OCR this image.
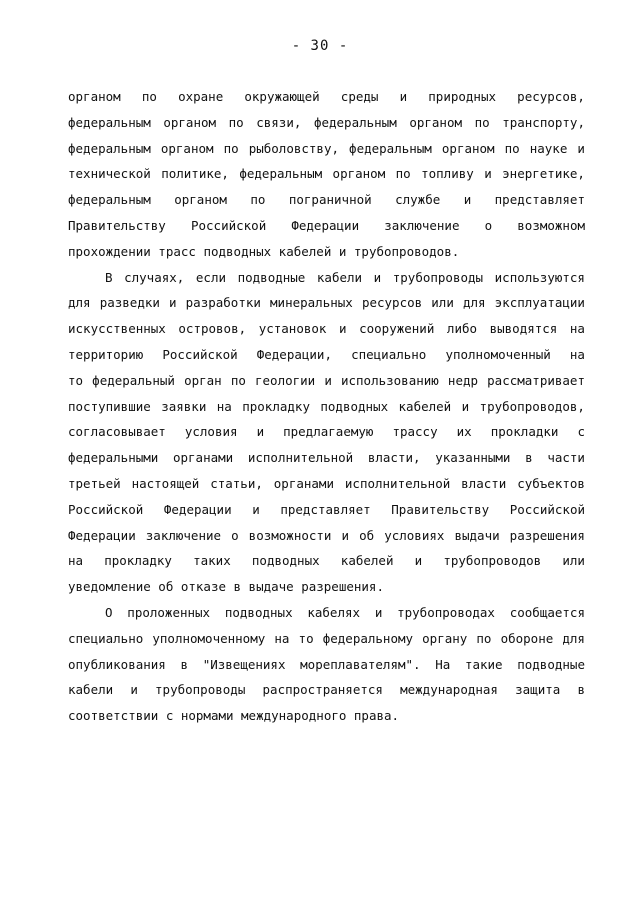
- 30 -
органом по охране окружающей среды и природных ресурсов,
федеральным органом по связи, федеральным органом по транспорту,
федеральным органом по рыболовству, федеральным органом по науке и
технической политике, федеральным органом по топливу и энергетике,
федеральным органом по пограничной службе и представляет
Правительству Российской Федерации заключение о возможном
прохождении трасс подводных кабелей и трубопроводов.
В случаях, если подводные кабели и трубопроводы используются
для разведки и разработки минеральных ресурсов или для эксплуатации
искусственных островов, установок и сооружений либо выводятся на
территорию Российской Федерации, специально уполномоченный на
то федеральный орган по геологии и использованию недр рассматривает
поступившие заявки на прокладку подводных кабелей и трубопроводов,
согласовывает условия и предлагаемую трассу их прокладки с
федеральными органами исполнительной власти, указанными в части
третьей настоящей статьи, органами исполнительной власти субъектов
Российской Федерации и представляет Правительству Российской
Федерации заключение о возможности и об условиях выдачи разрешения
на прокладку таких подводных кабелей и трубопроводов или
уведомление об отказе в выдаче разрешения.
О проложенных подводных кабелях и трубопроводах сообщается
специально уполномоченному на то федеральному органу по обороне для
опубликования в "Извещениях мореплавателям". На такие подводные
кабели и трубопроводы распространяется международная защита в
соответствии с нормами международного права.
